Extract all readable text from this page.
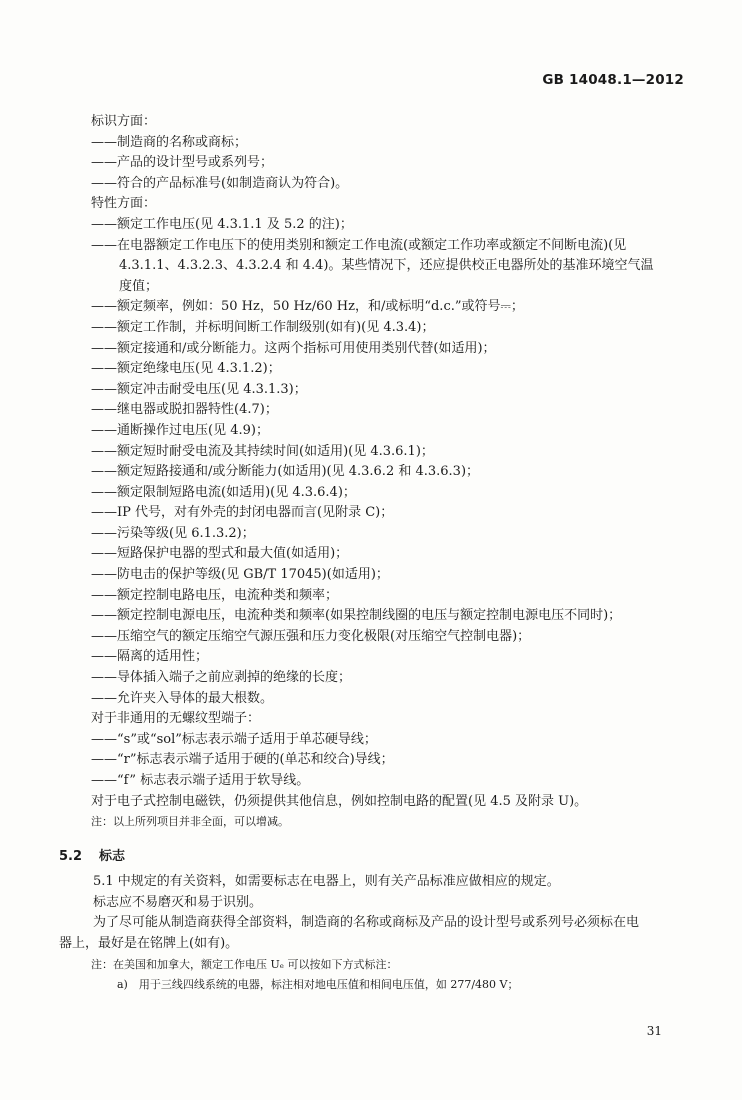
GB 14048.1—2012
标识方面：
——制造商的名称或商标；
——产品的设计型号或系列号；
——符合的产品标准号(如制造商认为符合)。
特性方面：
——额定工作电压(见 4.3.1.1 及 5.2 的注)；
——在电器额定工作电压下的使用类别和额定工作电流(或额定工作功率或额定不间断电流)(见
4.3.1.1、4.3.2.3、4.3.2.4 和 4.4)。某些情况下，还应提供校正电器所处的基准环境空气温
度值；
——额定频率，例如：50 Hz，50 Hz/60 Hz，和/或标明“d.c.”或符号⎓；
——额定工作制，并标明间断工作制级别(如有)(见 4.3.4)；
——额定接通和/或分断能力。这两个指标可用使用类别代替(如适用)；
——额定绝缘电压(见 4.3.1.2)；
——额定冲击耐受电压(见 4.3.1.3)；
——继电器或脱扣器特性(4.7)；
——通断操作过电压(见 4.9)；
——额定短时耐受电流及其持续时间(如适用)(见 4.3.6.1)；
——额定短路接通和/或分断能力(如适用)(见 4.3.6.2 和 4.3.6.3)；
——额定限制短路电流(如适用)(见 4.3.6.4)；
——IP 代号，对有外壳的封闭电器而言(见附录 C)；
——污染等级(见 6.1.3.2)；
——短路保护电器的型式和最大值(如适用)；
——防电击的保护等级(见 GB/T 17045)(如适用)；
——额定控制电路电压，电流种类和频率；
——额定控制电源电压，电流种类和频率(如果控制线圈的电压与额定控制电源电压不同时)；
——压缩空气的额定压缩空气源压强和压力变化极限(对压缩空气控制电器)；
——隔离的适用性；
——导体插入端子之前应剥掉的绝缘的长度；
——允许夹入导体的最大根数。
对于非通用的无螺纹型端子：
——“s”或“sol”标志表示端子适用于单芯硬导线；
——“r”标志表示端子适用于硬的(单芯和绞合)导线；
——“f” 标志表示端子适用于软导线。
对于电子式控制电磁铁，仍须提供其他信息，例如控制电路的配置(见 4.5 及附录 U)。
注：以上所列项目并非全面，可以增减。
5.2 标志
5.1 中规定的有关资料，如需要标志在电器上，则有关产品标准应做相应的规定。
标志应不易磨灭和易于识别。
为了尽可能从制造商获得全部资料，制造商的名称或商标及产品的设计型号或系列号必须标在电
器上，最好是在铭牌上(如有)。
注：在美国和加拿大，额定工作电压 Uₑ 可以按如下方式标注：
a)　用于三线四线系统的电器，标注相对地电压值和相间电压值，如 277/480 V；
31
